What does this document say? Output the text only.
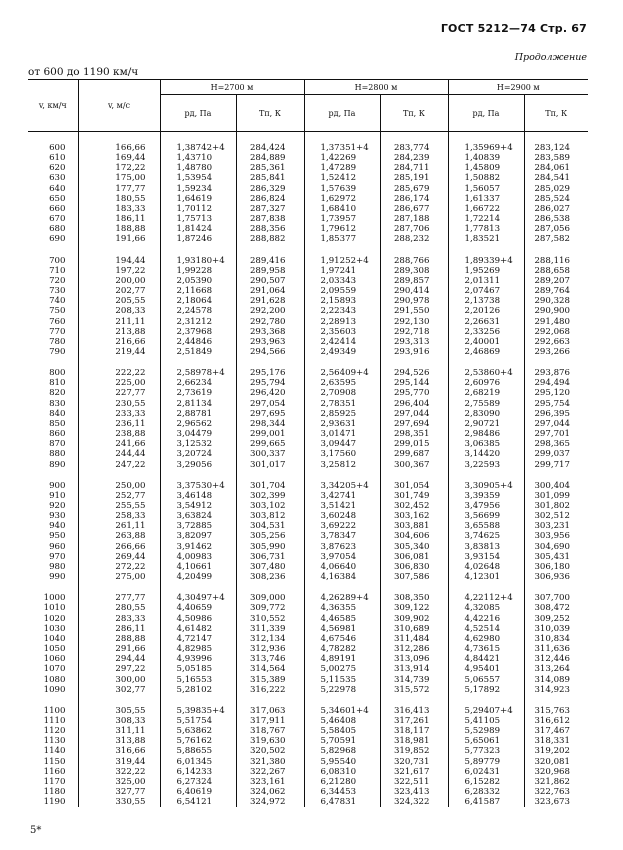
ГОСТ 5212—74 Стр. 67
Продолжение
от 600 до 1190 км/ч
v, км/ч	v, м/с	H=2700 м		H=2800 м		H=2900 м	
		pд, Па	Tп, К	pд, Па	Tп, К	pд, Па	Tп, К

600	166,66	1,38742+4	284,424	1,37351+4	283,774	1,35969+4	283,124
610	169,44	1,43710	284,889	1,42269	284,239	1,40839	283,589
620	172,22	1,48780	285,361	1,47289	284,711	1,45809	284,061
630	175,00	1,53954	285,841	1,52412	285,191	1,50882	284,541
640	177,77	1,59234	286,329	1,57639	285,679	1,56057	285,029
650	180,55	1,64619	286,824	1,62972	286,174	1,61337	285,524
660	183,33	1,70112	287,327	1,68410	286,677	1,66722	286,027
670	186,11	1,75713	287,838	1,73957	287,188	1,72214	286,538
680	188,88	1,81424	288,356	1,79612	287,706	1,77813	287,056
690	191,66	1,87246	288,882	1,85377	288,232	1,83521	287,582

700	194,44	1,93180+4	289,416	1,91252+4	288,766	1,89339+4	288,116
710	197,22	1,99228	289,958	1,97241	289,308	1,95269	288,658
720	200,00	2,05390	290,507	2,03343	289,857	2,01311	289,207
730	202,77	2,11668	291,064	2,09559	290,414	2,07467	289,764
740	205,55	2,18064	291,628	2,15893	290,978	2,13738	290,328
750	208,33	2,24578	292,200	2,22343	291,550	2,20126	290,900
760	211,11	2,31212	292,780	2,28913	292,130	2,26631	291,480
770	213,88	2,37968	293,368	2,35603	292,718	2,33256	292,068
780	216,66	2,44846	293,963	2,42414	293,313	2,40001	292,663
790	219,44	2,51849	294,566	2,49349	293,916	2,46869	293,266

800	222,22	2,58978+4	295,176	2,56409+4	294,526	2,53860+4	293,876
810	225,00	2,66234	295,794	2,63595	295,144	2,60976	294,494
820	227,77	2,73619	296,420	2,70908	295,770	2,68219	295,120
830	230,55	2,81134	297,054	2,78351	296,404	2,75589	295,754
840	233,33	2,88781	297,695	2,85925	297,044	2,83090	296,395
850	236,11	2,96562	298,344	2,93631	297,694	2,90721	297,044
860	238,88	3,04479	299,001	3,01471	298,351	2,98486	297,701
870	241,66	3,12532	299,665	3,09447	299,015	3,06385	298,365
880	244,44	3,20724	300,337	3,17560	299,687	3,14420	299,037
890	247,22	3,29056	301,017	3,25812	300,367	3,22593	299,717

900	250,00	3,37530+4	301,704	3,34205+4	301,054	3,30905+4	300,404
910	252,77	3,46148	302,399	3,42741	301,749	3,39359	301,099
920	255,55	3,54912	303,102	3,51421	302,452	3,47956	301,802
930	258,33	3,63824	303,812	3,60248	303,162	3,56699	302,512
940	261,11	3,72885	304,531	3,69222	303,881	3,65588	303,231
950	263,88	3,82097	305,256	3,78347	304,606	3,74625	303,956
960	266,66	3,91462	305,990	3,87623	305,340	3,83813	304,690
970	269,44	4,00983	306,731	3,97054	306,081	3,93154	305,431
980	272,22	4,10661	307,480	4,06640	306,830	4,02648	306,180
990	275,00	4,20499	308,236	4,16384	307,586	4,12301	306,936

1000	277,77	4,30497+4	309,000	4,26289+4	308,350	4,22112+4	307,700
1010	280,55	4,40659	309,772	4,36355	309,122	4,32085	308,472
1020	283,33	4,50986	310,552	4,46585	309,902	4,42216	309,252
1030	286,11	4,61482	311,339	4,56981	310,689	4,52514	310,039
1040	288,88	4,72147	312,134	4,67546	311,484	4,62980	310,834
1050	291,66	4,82985	312,936	4,78282	312,286	4,73615	311,636
1060	294,44	4,93996	313,746	4,89191	313,096	4,84421	312,446
1070	297,22	5,05185	314,564	5,00275	313,914	4,95401	313,264
1080	300,00	5,16553	315,389	5,11535	314,739	5,06557	314,089
1090	302,77	5,28102	316,222	5,22978	315,572	5,17892	314,923

1100	305,55	5,39835+4	317,063	5,34601+4	316,413	5,29407+4	315,763
1110	308,33	5,51754	317,911	5,46408	317,261	5,41105	316,612
1120	311,11	5,63862	318,767	5,58405	318,117	5,52989	317,467
1130	313,88	5,76162	319,630	5,70591	318,981	5,65061	318,331
1140	316,66	5,88655	320,502	5,82968	319,852	5,77323	319,202
1150	319,44	6,01345	321,380	5,95540	320,731	5,89779	320,081
1160	322,22	6,14233	322,267	6,08310	321,617	6,02431	320,968
1170	325,00	6,27324	323,161	6,21280	322,511	6,15282	321,862
1180	327,77	6,40619	324,062	6,34453	323,413	6,28332	322,763
1190	330,55	6,54121	324,972	6,47831	324,322	6,41587	323,673
5*
